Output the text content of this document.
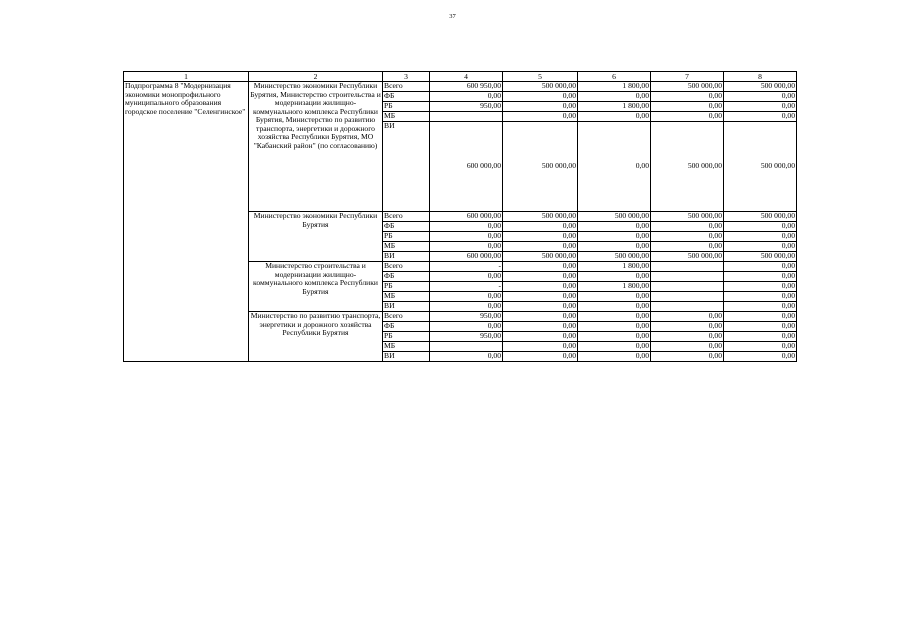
37
1	2	3	4	5	6	7	8
Подпрограмма 8 "Модернизация экономики монопрофильного муниципального образования городское поселение "Селенгинское"	Министерство экономики Республики Бурятия, Министерство строительства и модернизации жилищно-коммунального комплекса Республики Бурятия, Министерство по развитию транспорта, энергетики и дорожного хозяйства Республики Бурятия, МО "Кабанский район" (по согласованию)	Всего	600 950,00	500 000,00	1 800,00	500 000,00	500 000,00
		ФБ	0,00	0,00	0,00	0,00	0,00
		РБ	950,00	0,00	1 800,00	0,00	0,00
		МБ		0,00	0,00	0,00	0,00
		ВИ	600 000,00	500 000,00	0,00	500 000,00	500 000,00
	Министерство экономики Республики Бурятия	Всего	600 000,00	500 000,00	500 000,00	500 000,00	500 000,00
		ФБ	0,00	0,00	0,00	0,00	0,00
		РБ	0,00	0,00	0,00	0,00	0,00
		МБ	0,00	0,00	0,00	0,00	0,00
		ВИ	600 000,00	500 000,00	500 000,00	500 000,00	500 000,00
	Министерство строительства и модернизации жилищно-коммунального комплекса Республики Бурятия	Всего	-	0,00	1 800,00		0,00
		ФБ	0,00	0,00	0,00		0,00
		РБ	-	0,00	1 800,00		0,00
		МБ	0,00	0,00	0,00		0,00
		ВИ	0,00	0,00	0,00		0,00
	Министерство по развитию транспорта, энергетики и дорожного хозяйства Республики Бурятия	Всего	950,00	0,00	0,00	0,00	0,00
		ФБ	0,00	0,00	0,00	0,00	0,00
		РБ	950,00	0,00	0,00	0,00	0,00
		МБ		0,00	0,00	0,00	0,00
		ВИ	0,00	0,00	0,00	0,00	0,00
